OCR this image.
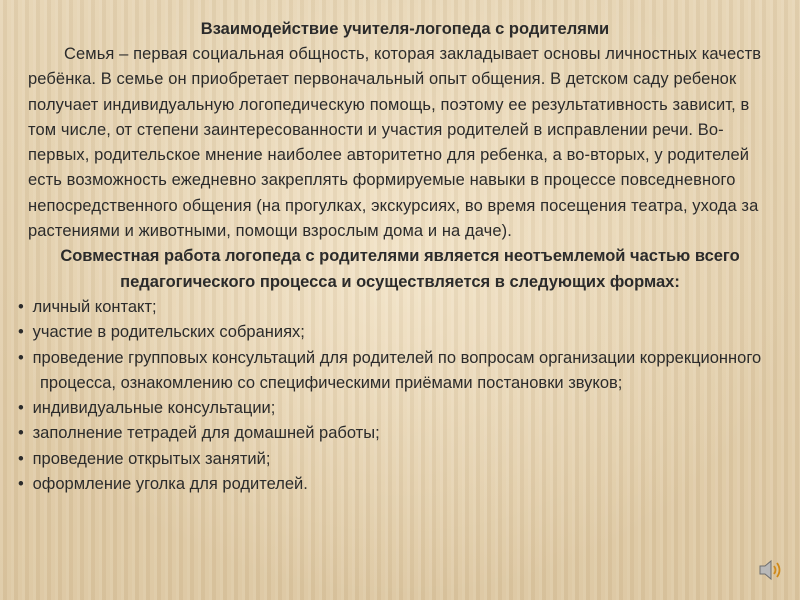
Взаимодействие учителя-логопеда с родителями

Семья – первая социальная общность, которая закладывает основы личностных качеств ребёнка. В семье он приобретает первоначальный опыт общения. В детском саду ребенок получает индивидуальную логопедическую помощь, поэтому ее результативность зависит, в том числе, от степени заинтересованности и участия родителей в исправлении речи. Во-первых, родительское мнение наиболее авторитетно для ребенка, а во-вторых, у родителей есть возможность ежедневно закреплять формируемые навыки в процессе повседневного непосредственного общения (на прогулках, экскурсиях, во время посещения театра, ухода за растениями и животными, помощи взрослым дома и на даче).

Совместная работа логопеда с родителями является неотъемлемой частью всего педагогического процесса и осуществляется в следующих формах:

• личный контакт;
• участие в родительских собраниях;
• проведение групповых консультаций для родителей по вопросам организации коррекционного процесса, ознакомлению со специфическими приёмами постановки звуков;
• индивидуальные консультации;
• заполнение тетрадей для домашней работы;
• проведение открытых занятий;
• оформление уголка для родителей.
